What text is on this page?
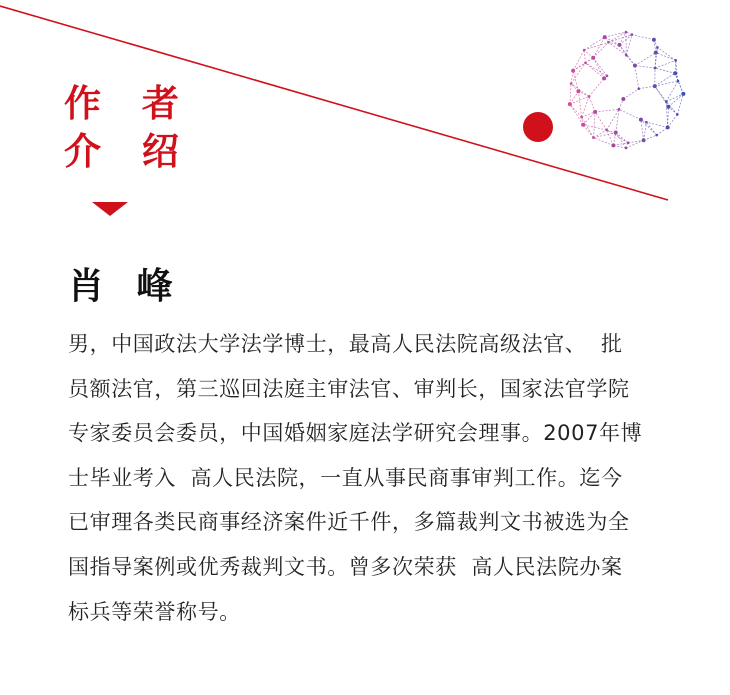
作 者
介 绍
肖 峰
男，中国政法大学法学博士，最高人民法院高级法官、  批
员额法官，第三巡回法庭主审法官、审判长，国家法官学院
专家委员会委员，中国婚姻家庭法学研究会理事。2007年博
士毕业考入  高人民法院，一直从事民商事审判工作。迄今
已审理各类民商事经济案件近千件，多篇裁判文书被选为全
国指导案例或优秀裁判文书。曾多次荣获  高人民法院办案
标兵等荣誉称号。
